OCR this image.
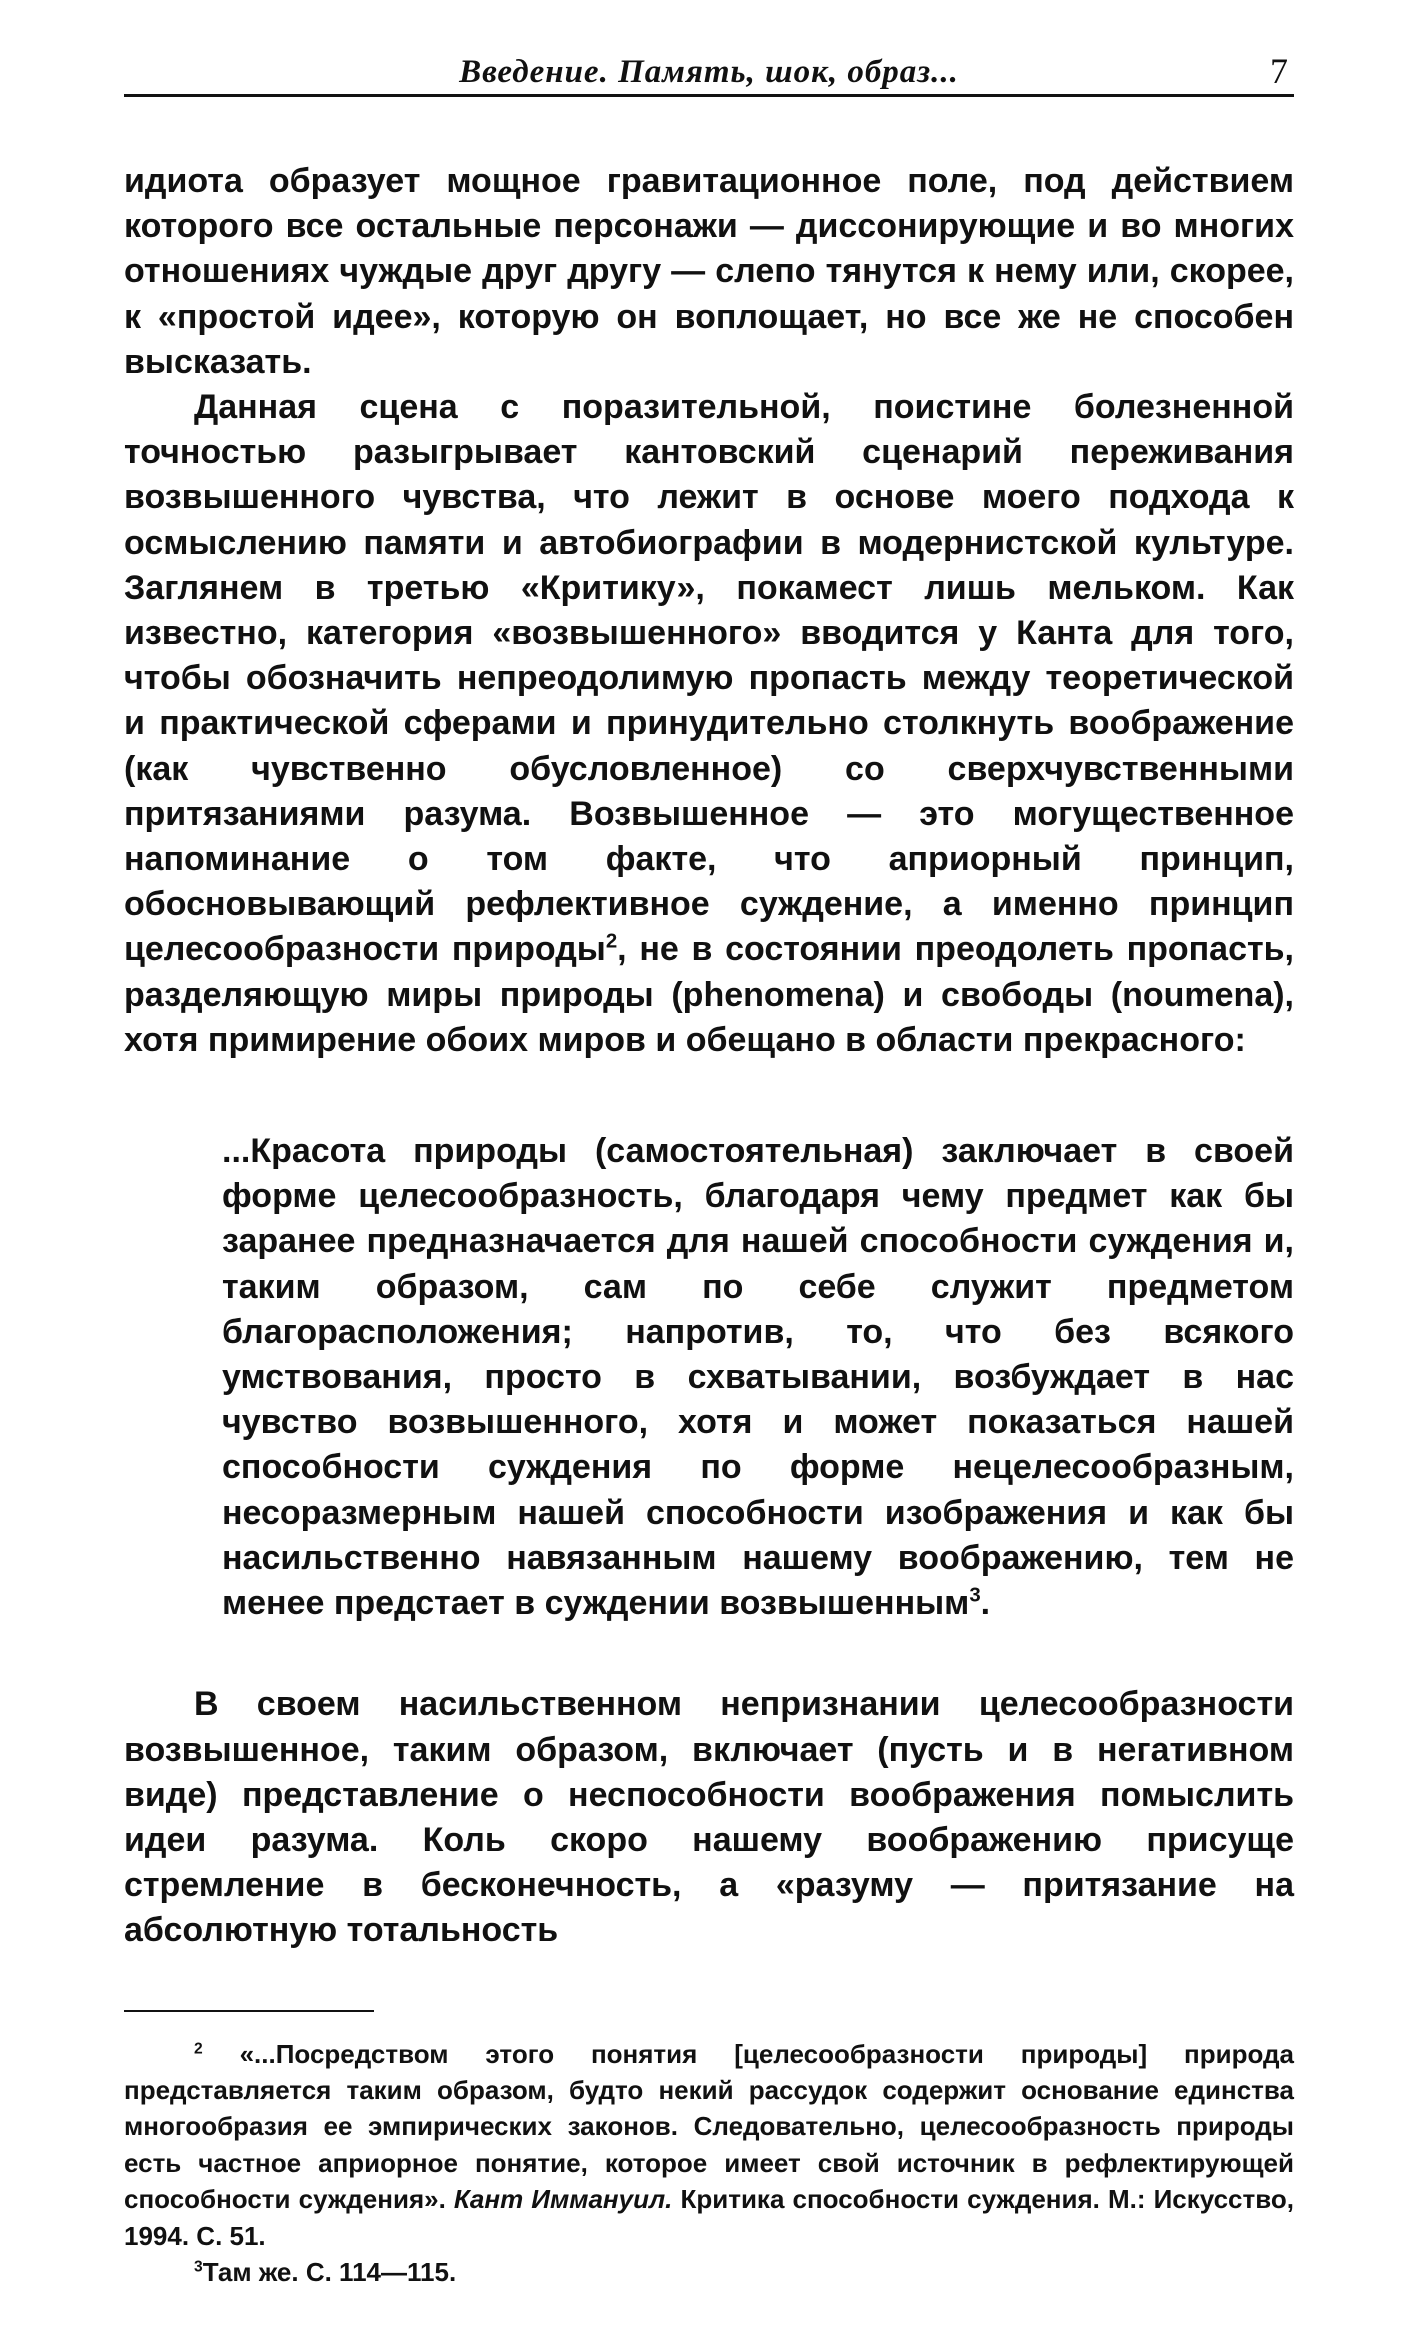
Введение. Память, шок, образ...	7

идиота образует мощное гравитационное поле, под действием которого все остальные персонажи — диссонирующие и во многих отношениях чуждые друг другу — слепо тянутся к нему или, скорее, к «простой идее», которую он воплощает, но все же не способен высказать.

Данная сцена с поразительной, поистине болезненной точностью разыгрывает кантовский сценарий переживания возвышенного чувства, что лежит в основе моего подхода к осмыслению памяти и автобиографии в модернистской культуре. Заглянем в третью «Критику», покамест лишь мельком. Как известно, категория «возвышенного» вводится у Канта для того, чтобы обозначить непреодолимую пропасть между теоретической и практической сферами и принудительно столкнуть воображение (как чувственно обусловленное) со сверхчувственными притязаниями разума. Возвышенное — это могущественное напоминание о том факте, что априорный принцип, обосновывающий рефлективное суждение, а именно принцип целесообразности природы$^2$, не в состоянии преодолеть пропасть, разделяющую миры природы (phenomena) и свободы (noumena), хотя примирение обоих миров и обещано в области прекрасного:

...Красота природы (самостоятельная) заключает в своей форме целесообразность, благодаря чему предмет как бы заранее предназначается для нашей способности суждения и, таким образом, сам по себе служит предметом благорасположения; напротив, то, что без всякого умствования, просто в схватывании, возбуждает в нас чувство возвышенного, хотя и может показаться нашей способности суждения по форме нецелесообразным, несоразмерным нашей способности изображения и как бы насильственно навязанным нашему воображению, тем не менее предстает в суждении возвышенным$^3$.

В своем насильственном непризнании целесообразности возвышенное, таким образом, включает (пусть и в негативном виде) представление о неспособности воображения помыслить идеи разума. Коль скоро нашему воображению присуще стремление в бесконечность, а «разуму — притязание на абсолютную тотальность

$^2$ «...Посредством этого понятия [целесообразности природы] природа представляется таким образом, будто некий рассудок содержит основание единства многообразия ее эмпирических законов. Следовательно, целесообразность природы есть частное априорное понятие, которое имеет свой источник в рефлектирующей способности суждения». Кант Иммануил. Критика способности суждения. М.: Искусство, 1994. С. 51.

$^3$Там же. С. 114—115.
